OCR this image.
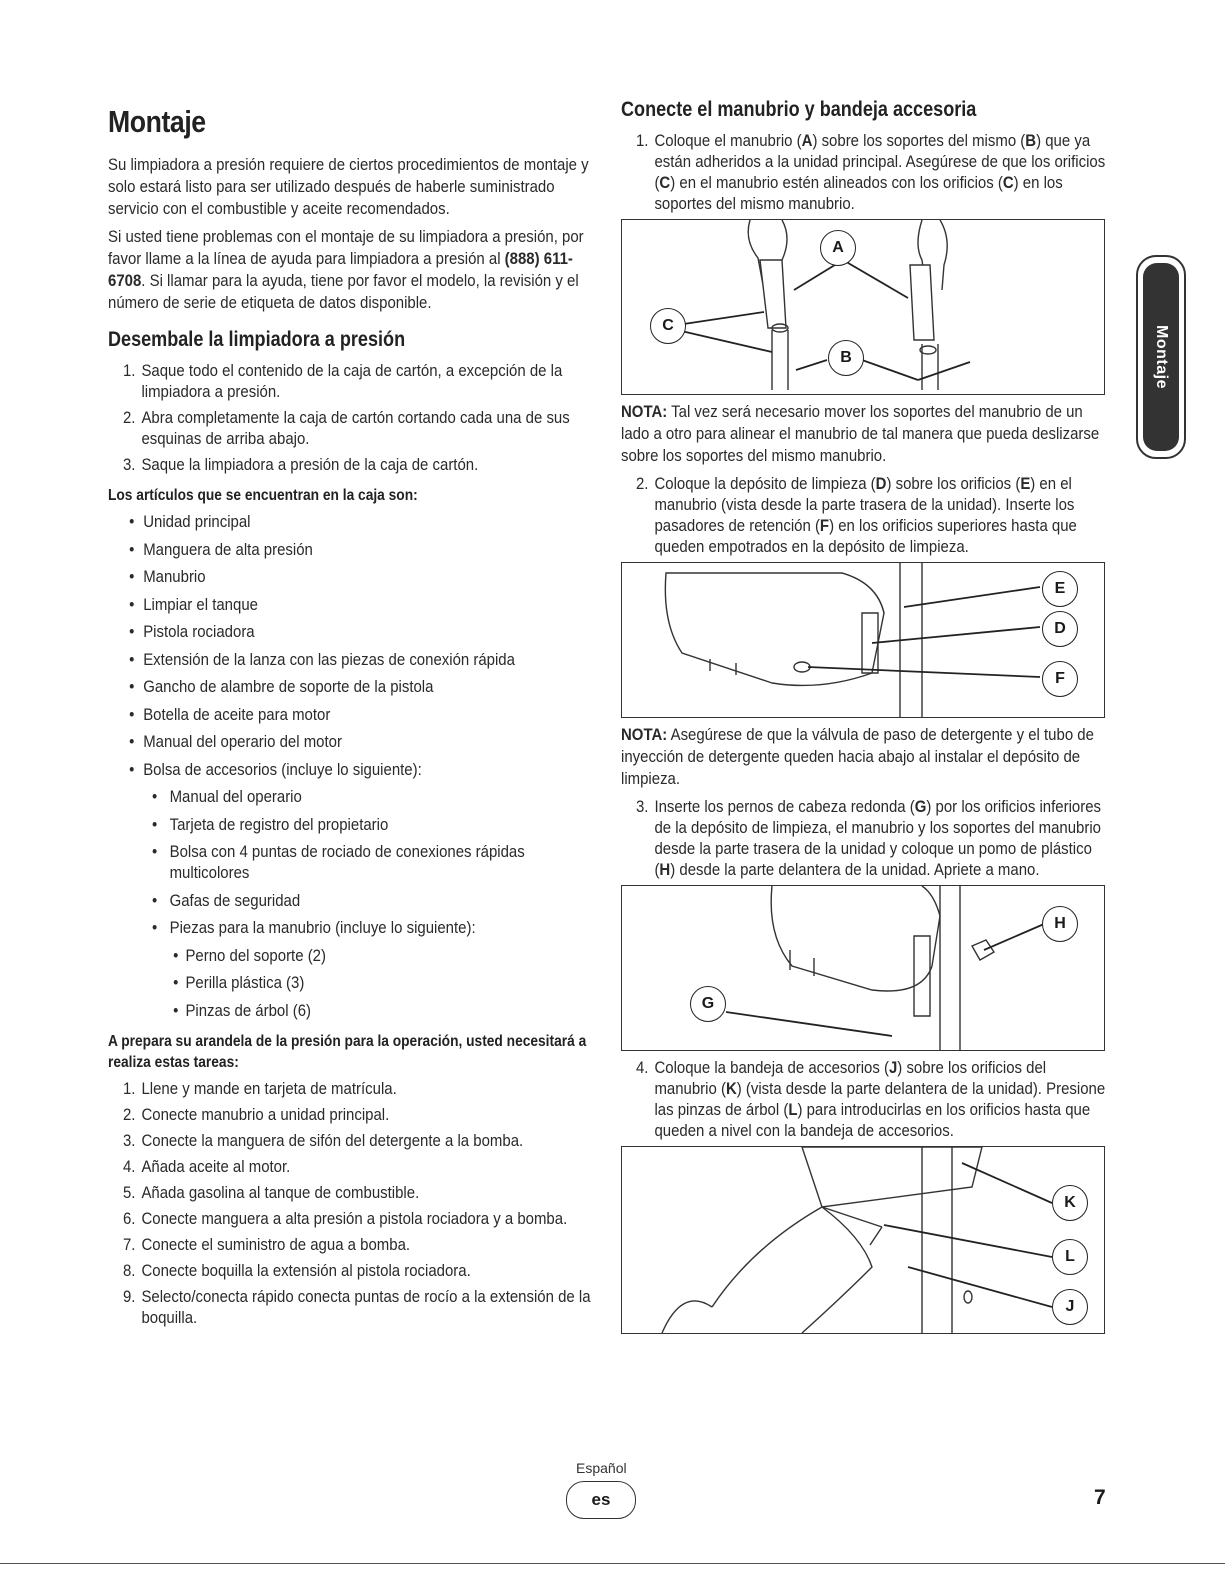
Montaje

Su limpiadora a presión requiere de ciertos procedimientos de montaje y solo estará listo para ser utilizado después de haberle suministrado servicio con el combustible y aceite recomendados.

Si usted tiene problemas con el montaje de su limpiadora a presión, por favor llame a la línea de ayuda para limpiadora a presión al (888) 611-6708. Si llamar para la ayuda, tiene por favor el modelo, la revisión y el número de serie de etiqueta de datos disponible.

Desembale la limpiadora a presión
1. Saque todo el contenido de la caja de cartón, a excepción de la limpiadora a presión.
2. Abra completamente la caja de cartón cortando cada una de sus esquinas de arriba abajo.
3. Saque la limpiadora a presión de la caja de cartón.
Los artículos que se encuentran en la caja son:
• Unidad principal
• Manguera de alta presión
• Manubrio
• Limpiar el tanque
• Pistola rociadora
• Extensión de la lanza con las piezas de conexión rápida
• Gancho de alambre de soporte de la pistola
• Botella de aceite para motor
• Manual del operario del motor
• Bolsa de accesorios (incluye lo siguiente):
• Manual del operario
• Tarjeta de registro del propietario
• Bolsa con 4 puntas de rociado de conexiones rápidas multicolores
• Gafas de seguridad
• Piezas para la manubrio (incluye lo siguiente):
• Perno del soporte (2)
• Perilla plástica (3)
• Pinzas de árbol (6)
A prepara su arandela de la presión para la operación, usted necesitará a realiza estas tareas:
1. Llene y mande en tarjeta de matrícula.
2. Conecte manubrio a unidad principal.
3. Conecte la manguera de sifón del detergente a la bomba.
4. Añada aceite al motor.
5. Añada gasolina al tanque de combustible.
6. Conecte manguera a alta presión a pistola rociadora y a bomba.
7. Conecte el suministro de agua a bomba.
8. Conecte boquilla la extensión al pistola rociadora.
9. Selecto/conecta rápido conecta puntas de rocío a la extensión de la boquilla.
Conecte el manubrio y bandeja accesoria
1. Coloque el manubrio (A) sobre los soportes del mismo (B) que ya están adheridos a la unidad principal. Asegúrese de que los orificios (C) en el manubrio estén alineados con los orificios (C) en los soportes del mismo manubrio.
A
B
C

NOTA: Tal vez será necesario mover los soportes del manubrio de un lado a otro para alinear el manubrio de tal manera que pueda deslizarse sobre los soportes del mismo manubrio.

2. Coloque la depósito de limpieza (D) sobre los orificios (E) en el manubrio (vista desde la parte trasera de la unidad). Inserte los pasadores de retención (F) en los orificios superiores hasta que queden empotrados en la depósito de limpieza.
E
D
F

NOTA: Asegúrese de que la válvula de paso de detergente y el tubo de inyección de detergente queden hacia abajo al instalar el depósito de limpieza.

3. Inserte los pernos de cabeza redonda (G) por los orificios inferiores de la depósito de limpieza, el manubrio y los soportes del manubrio desde la parte trasera de la unidad y coloque un pomo de plástico (H) desde la parte delantera de la unidad. Apriete a mano.
H
G
4. Coloque la bandeja de accesorios (J) sobre los orificios del manubrio (K) (vista desde la parte delantera de la unidad). Presione las pinzas de árbol (L) para introducirlas en los orificios hasta que queden a nivel con la bandeja de accesorios.
K
L
J
Montaje
Español
es	7
